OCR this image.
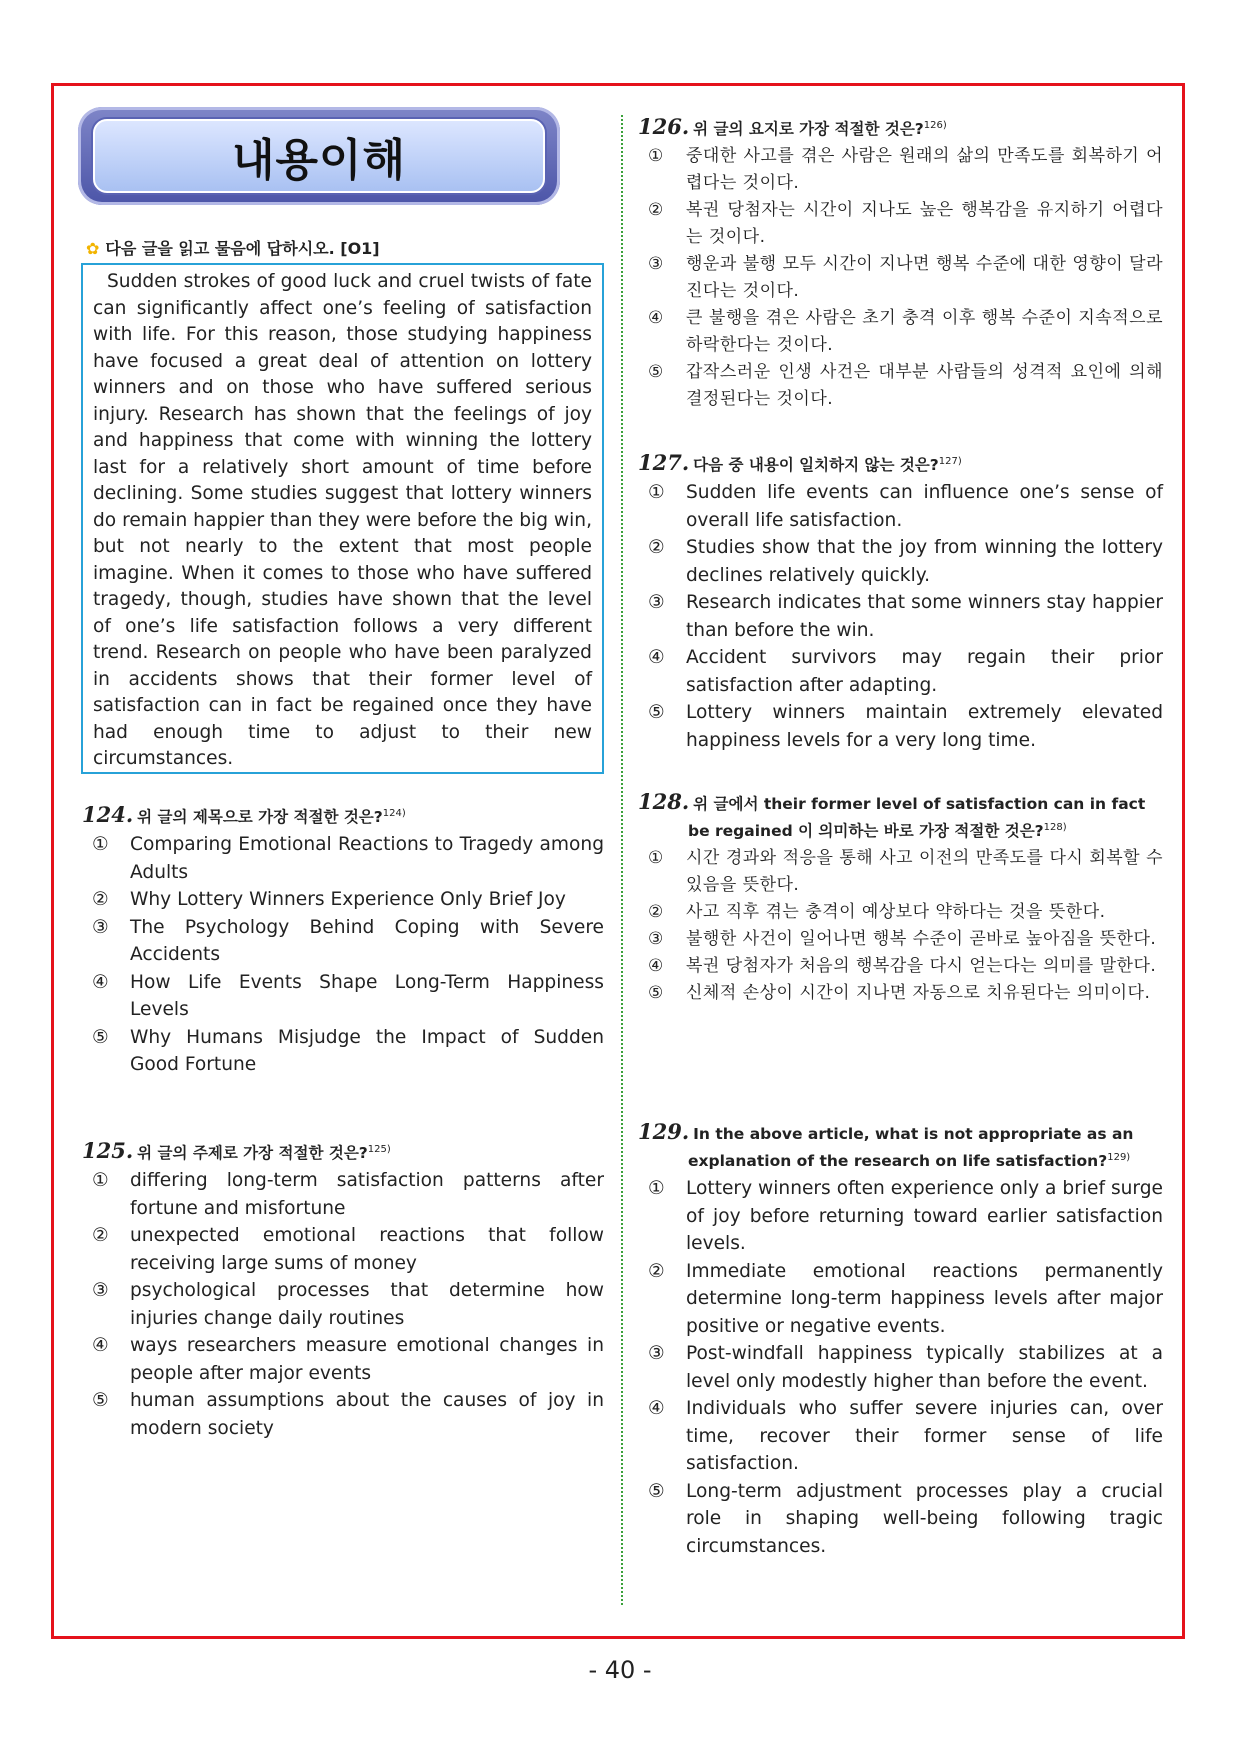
내용이해
✿ 다음 글을 읽고 물음에 답하시오. [O1]

Sudden strokes of good luck and cruel twists of fate can significantly affect one’s feeling of satisfaction with life. For this reason, those studying happiness have focused a great deal of attention on lottery winners and on those who have suffered serious injury. Research has shown that the feelings of joy and happiness that come with winning the lottery last for a relatively short amount of time before declining. Some studies suggest that lottery winners do remain happier than they were before the big win, but not nearly to the extent that most people imagine. When it comes to those who have suffered tragedy, though, studies have shown that the level of one’s life satisfaction follows a very different trend. Research on people who have been paralyzed in accidents shows that their former level of satisfaction can in fact be regained once they have had enough time to adjust to their new circumstances.

124. 위 글의 제목으로 가장 적절한 것은?$^{124)}$
① Comparing Emotional Reactions to Tragedy among Adults
② Why Lottery Winners Experience Only Brief Joy
③ The Psychology Behind Coping with Severe Accidents
④ How Life Events Shape Long-Term Happiness Levels
⑤ Why Humans Misjudge the Impact of Sudden Good Fortune
125. 위 글의 주제로 가장 적절한 것은?$^{125)}$
① differing long-term satisfaction patterns after fortune and misfortune
② unexpected emotional reactions that follow receiving large sums of money
③ psychological processes that determine how injuries change daily routines
④ ways researchers measure emotional changes in people after major events
⑤ human assumptions about the causes of joy in modern society
126. 위 글의 요지로 가장 적절한 것은?$^{126)}$
① 중대한 사고를 겪은 사람은 원래의 삶의 만족도를 회복하기 어렵다는 것이다.
② 복권 당첨자는 시간이 지나도 높은 행복감을 유지하기 어렵다는 것이다.
③ 행운과 불행 모두 시간이 지나면 행복 수준에 대한 영향이 달라진다는 것이다.
④ 큰 불행을 겪은 사람은 초기 충격 이후 행복 수준이 지속적으로 하락한다는 것이다.
⑤ 갑작스러운 인생 사건은 대부분 사람들의 성격적 요인에 의해 결정된다는 것이다.
127. 다음 중 내용이 일치하지 않는 것은?$^{127)}$
① Sudden life events can influence one’s sense of overall life satisfaction.
② Studies show that the joy from winning the lottery declines relatively quickly.
③ Research indicates that some winners stay happier than before the win.
④ Accident survivors may regain their prior satisfaction after adapting.
⑤ Lottery winners maintain extremely elevated happiness levels for a very long time.
128. 위 글에서 their former level of satisfaction can in fact be regained 이 의미하는 바로 가장 적절한 것은?$^{128)}$
① 시간 경과와 적응을 통해 사고 이전의 만족도를 다시 회복할 수 있음을 뜻한다.
② 사고 직후 겪는 충격이 예상보다 약하다는 것을 뜻한다.
③ 불행한 사건이 일어나면 행복 수준이 곧바로 높아짐을 뜻한다.
④ 복권 당첨자가 처음의 행복감을 다시 얻는다는 의미를 말한다.
⑤ 신체적 손상이 시간이 지나면 자동으로 치유된다는 의미이다.
129. In the above article, what is not appropriate as an explanation of the research on life satisfaction?$^{129)}$
① Lottery winners often experience only a brief surge of joy before returning toward earlier satisfaction levels.
② Immediate emotional reactions permanently determine long-term happiness levels after major positive or negative events.
③ Post-windfall happiness typically stabilizes at a level only modestly higher than before the event.
④ Individuals who suffer severe injuries can, over time, recover their former sense of life satisfaction.
⑤ Long-term adjustment processes play a crucial role in shaping well-being following tragic circumstances.
- 40 -
